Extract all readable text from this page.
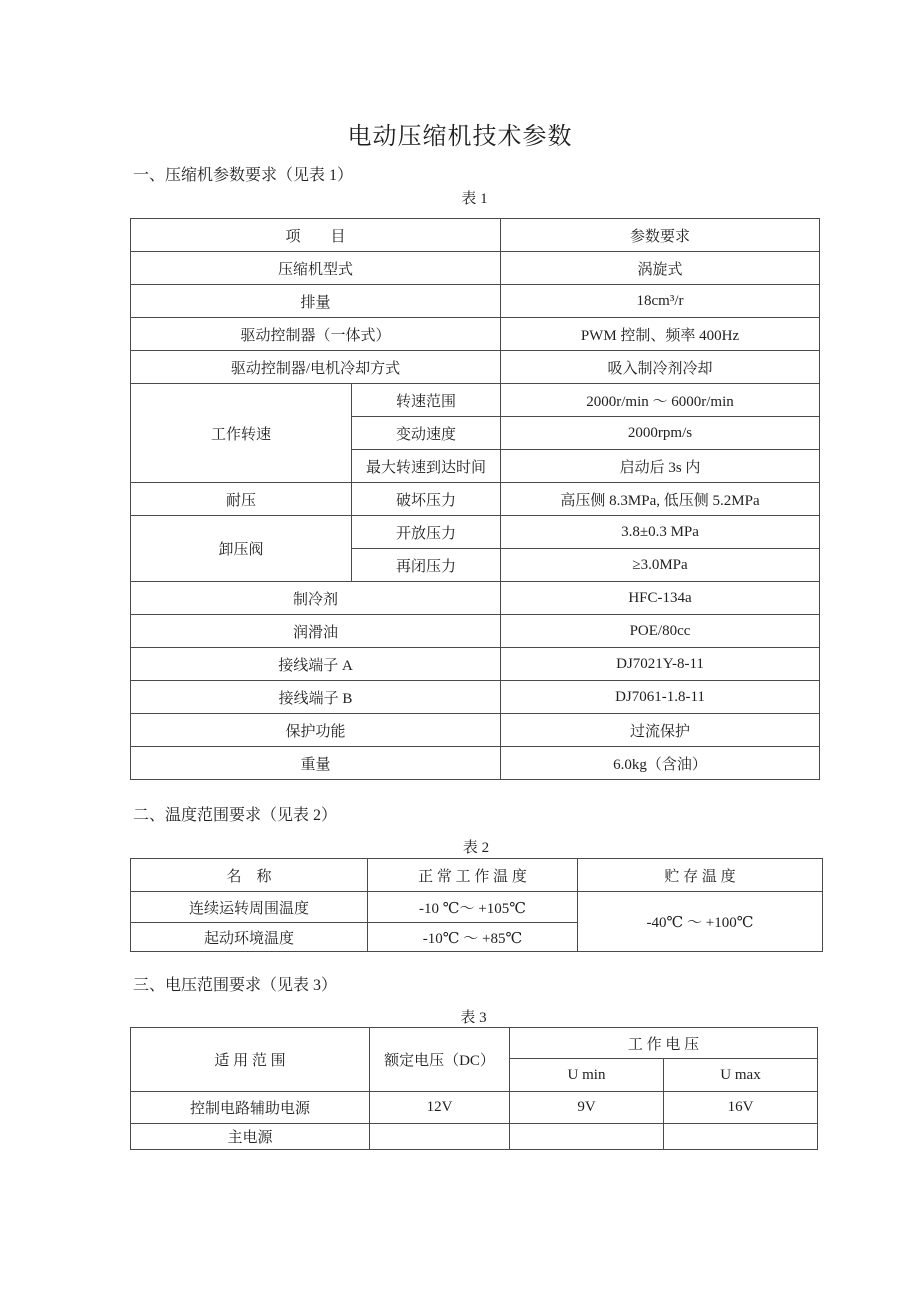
电动压缩机技术参数
一、压缩机参数要求（见表 1）
表 1
项　　目		参数要求
压缩机型式		涡旋式
排量		18cm³/r
驱动控制器（一体式）		PWM 控制、频率 400Hz
驱动控制器/电机冷却方式		吸入制冷剂冷却
工作转速	转速范围	2000r/min ～ 6000r/min
	变动速度	2000rpm/s
	最大转速到达时间	启动后 3s 内
耐压	破坏压力	高压侧 8.3MPa, 低压侧 5.2MPa
卸压阀	开放压力	3.8±0.3 MPa
	再闭压力	≥3.0MPa
制冷剂		HFC-134a
润滑油		POE/80cc
接线端子 A		DJ7021Y-8-11
接线端子 B		DJ7061-1.8-11
保护功能		过流保护
重量		6.0kg（含油）
二、温度范围要求（见表 2）
表 2
名　称	正 常 工 作 温 度	贮 存 温 度
连续运转周围温度	-10 ℃～ +105℃	-40℃ ～ +100℃
起动环境温度	-10℃ ～ +85℃	
三、电压范围要求（见表 3）
表 3
适 用 范 围	额定电压（DC）	工 作 电 压	
		U min	U max
控制电路辅助电源	12V	9V	16V
主电源			
